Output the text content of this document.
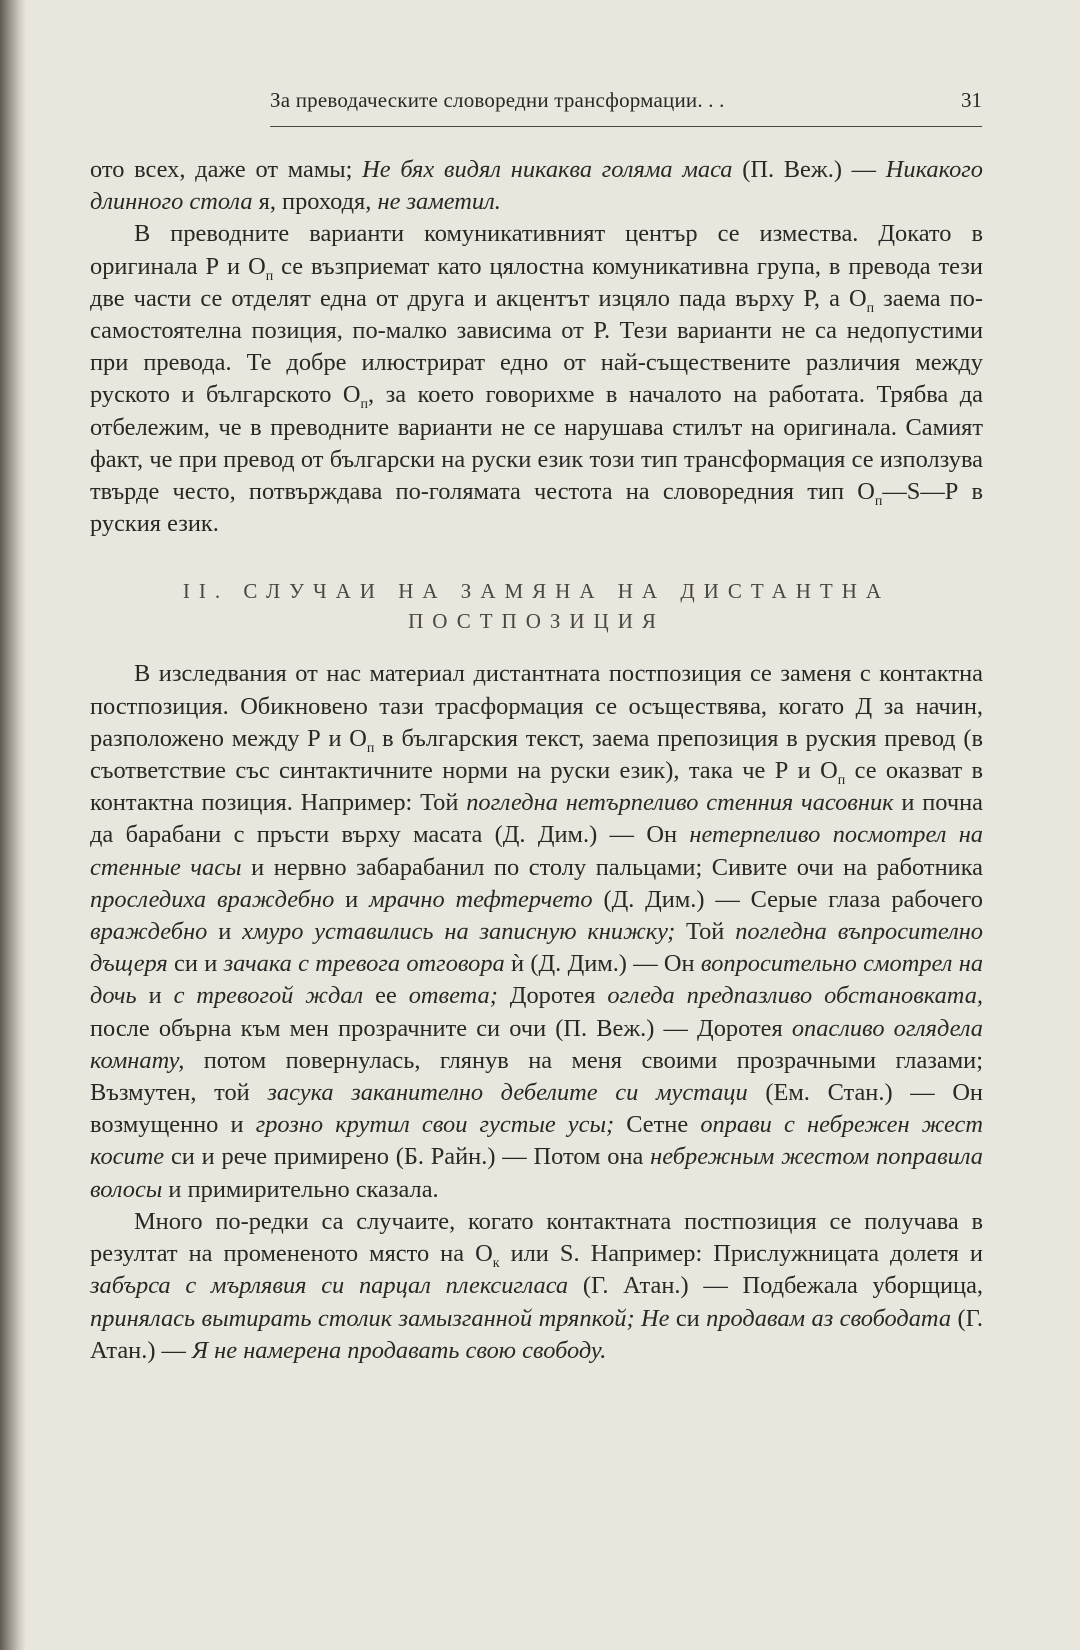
За преводаческите словоредни трансформации. . .	31

ото всех, даже от мамы; Не бях видял никаква голяма маса (П. Веж.) — Никакого длинного стола я, проходя, не заметил.

В преводните варианти комуникативният център се измества. Докато в оригинала Р и $О_п$ се възприемат като цялостна комуникативна група, в превода тези две части се отделят една от друга и акцентът изцяло пада върху Р, а $О_п$ заема по-самостоятелна позиция, по-малко зависима от Р. Тези варианти не са недопустими при превода. Те добре илюстрират едно от най-съществените различия между руското и българското $О_п$, за което говорихме в началото на работата. Трябва да отбележим, че в преводните варианти не се нарушава стилът на оригинала. Самият факт, че при превод от български на руски език този тип трансформация се използува твърде често, потвърждава по-голямата честота на словоредния тип $О_п—S—Р$ в руския език.

II. СЛУЧАИ НА ЗАМЯНА НА ДИСТАНТНА
ПОСТПОЗИЦИЯ

В изследвания от нас материал дистантната постпозиция се заменя с контактна постпозиция. Обикновено тази трасформация се осъществява, когато Д за начин, разположено между Р и $О_п$ в българския текст, заема препозиция в руския превод (в съответствие със синтактичните норми на руски език), така че Р и $О_п$ се оказват в контактна позиция. Например: Той погледна нетърпеливо стенния часовник и почна да барабани с пръсти върху масата (Д. Дим.) — Он нетерпеливо посмотрел на стенные часы и нервно забарабанил по столу пальцами; Сивите очи на работника проследиха враждебно и мрачно тефтерчето (Д. Дим.) — Серые глаза рабочего враждебно и хмуро уставились на записную книжку; Той погледна въпросително дъщеря си и зачака с тревога отговора ѝ (Д. Дим.) — Он вопросительно смотрел на дочь и с тревогой ждал ее ответа; Доротея огледа предпазливо обстановката, после обърна към мен прозрачните си очи (П. Веж.) — Доротея опасливо оглядела комнату, потом повернулась, глянув на меня своими прозрачными глазами; Възмутен, той засука заканително дебелите си мустаци (Ем. Стан.) — Он возмущенно и грозно крутил свои густые усы; Сетне оправи с небрежен жест косите си и рече примирено (Б. Райн.) — Потом она небрежным жестом поправила волосы и примирительно сказала.

Много по-редки са случаите, когато контактната постпозиция се получава в резултат на промененото място на $О_к$ или S. Например: Прислужницата долетя и забърса с мърлявия си парцал плексигласа (Г. Атан.) — Подбежала уборщица, принялась вытирать столик замызганной тряпкой; Не си продавам аз свободата (Г. Атан.) — Я не намерена продавать свою свободу.
